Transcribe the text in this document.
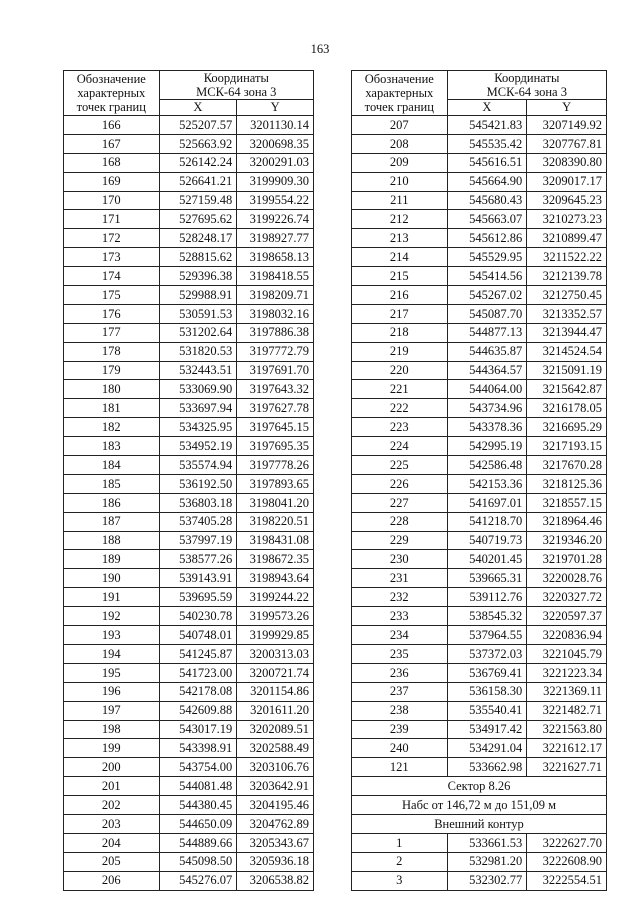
163
Обозначение
характерных
точек границ	Координаты
МСК-64 зона 3	

	X	Y
166	525207.57	3201130.14
167	525663.92	3200698.35
168	526142.24	3200291.03
169	526641.21	3199909.30
170	527159.48	3199554.22
171	527695.62	3199226.74
172	528248.17	3198927.77
173	528815.62	3198658.13
174	529396.38	3198418.55
175	529988.91	3198209.71
176	530591.53	3198032.16
177	531202.64	3197886.38
178	531820.53	3197772.79
179	532443.51	3197691.70
180	533069.90	3197643.32
181	533697.94	3197627.78
182	534325.95	3197645.15
183	534952.19	3197695.35
184	535574.94	3197778.26
185	536192.50	3197893.65
186	536803.18	3198041.20
187	537405.28	3198220.51
188	537997.19	3198431.08
189	538577.26	3198672.35
190	539143.91	3198943.64
191	539695.59	3199244.22
192	540230.78	3199573.26
193	540748.01	3199929.85
194	541245.87	3200313.03
195	541723.00	3200721.74
196	542178.08	3201154.86
197	542609.88	3201611.20
198	543017.19	3202089.51
199	543398.91	3202588.49
200	543754.00	3203106.76
201	544081.48	3203642.91
202	544380.45	3204195.46
203	544650.09	3204762.89
204	544889.66	3205343.67
205	545098.50	3205936.18
206	545276.07	3206538.82
Обозначение
характерных
точек границ	Координаты
МСК-64 зона 3	

	X	Y
207	545421.83	3207149.92
208	545535.42	3207767.81
209	545616.51	3208390.80
210	545664.90	3209017.17
211	545680.43	3209645.23
212	545663.07	3210273.23
213	545612.86	3210899.47
214	545529.95	3211522.22
215	545414.56	3212139.78
216	545267.02	3212750.45
217	545087.70	3213352.57
218	544877.13	3213944.47
219	544635.87	3214524.54
220	544364.57	3215091.19
221	544064.00	3215642.87
222	543734.96	3216178.05
223	543378.36	3216695.29
224	542995.19	3217193.15
225	542586.48	3217670.28
226	542153.36	3218125.36
227	541697.01	3218557.15
228	541218.70	3218964.46
229	540719.73	3219346.20
230	540201.45	3219701.28
231	539665.31	3220028.76
232	539112.76	3220327.72
233	538545.32	3220597.37
234	537964.55	3220836.94
235	537372.03	3221045.79
236	536769.41	3221223.34
237	536158.30	3221369.11
238	535540.41	3221482.71
239	534917.42	3221563.80
240	534291.04	3221612.17
121	533662.98	3221627.71
Сектор 8.26		
Набс от 146,72 м до 151,09 м		
Внешний контур		
1	533661.53	3222627.70
2	532981.20	3222608.90
3	532302.77	3222554.51
